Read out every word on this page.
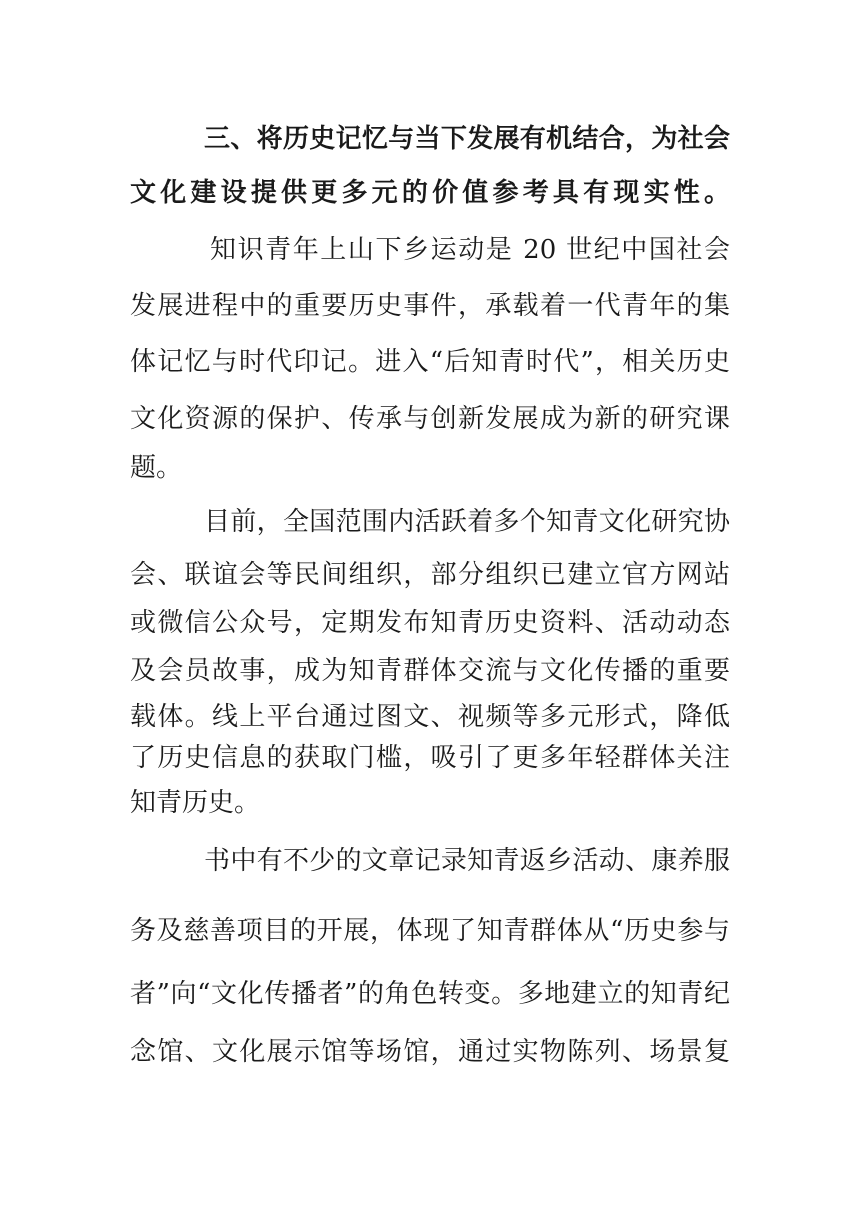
三、将历史记忆与当下发展有机结合，为社会
文化建设提供更多元的价值参考具有现实性。
知识青年上山下乡运动是 20 世纪中国社会
发展进程中的重要历史事件，承载着一代青年的集
体记忆与时代印记。进入“后知青时代”，相关历史
文化资源的保护、传承与创新发展成为新的研究课
题。
目前，全国范围内活跃着多个知青文化研究协
会、联谊会等民间组织，部分组织已建立官方网站
或微信公众号，定期发布知青历史资料、活动动态
及会员故事，成为知青群体交流与文化传播的重要
载体。线上平台通过图文、视频等多元形式，降低
了历史信息的获取门槛，吸引了更多年轻群体关注
知青历史。
书中有不少的文章记录知青返乡活动、康养服
务及慈善项目的开展，体现了知青群体从“历史参与
者”向“文化传播者”的角色转变。多地建立的知青纪
念馆、文化展示馆等场馆，通过实物陈列、场景复
